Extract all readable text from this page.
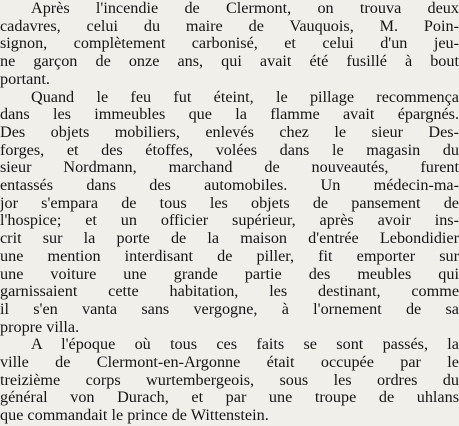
Après l'incendie de Clermont, on trouva deux
cadavres, celui du maire de Vauquois, M. Poin-
signon, complètement carbonisé, et celui d'un jeu-
ne garçon de onze ans, qui avait été fusillé à bout
portant.
Quand le feu fut éteint, le pillage recommença
dans les immeubles que la flamme avait épargnés.
Des objets mobiliers, enlevés chez le sieur Des-
forges, et des étoffes, volées dans le magasin du
sieur Nordmann, marchand de nouveautés, furent
entassés dans des automobiles. Un médecin-ma-
jor s'empara de tous les objets de pansement de
l'hospice; et un officier supérieur, après avoir ins-
crit sur la porte de la maison d'entrée Lebondidier
une mention interdisant de piller, fit emporter sur
une voiture une grande partie des meubles qui
garnissaient cette habitation, les destinant, comme
il s'en vanta sans vergogne, à l'ornement de sa
propre villa.
A l'époque où tous ces faits se sont passés, la
ville de Clermont-en-Argonne était occupée par le
treizième corps wurtembergeois, sous les ordres du
général von Durach, et par une troupe de uhlans
que commandait le prince de Wittenstein.
